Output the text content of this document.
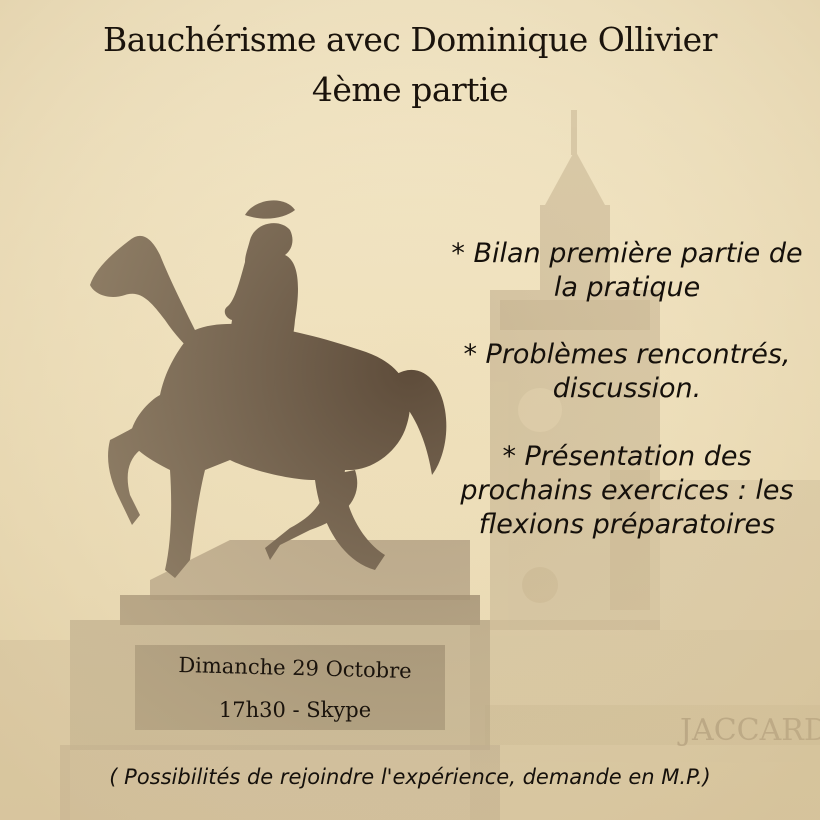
Bauchérisme avec Dominique Ollivier
4ème partie

* Bilan première partie de la pratique

* Problèmes rencontrés, discussion.

* Présentation des prochains exercices : les flexions préparatoires

Dimanche 29 Octobre

17h30 - Skype

( Possibilités de rejoindre l'expérience, demande en M.P.)
